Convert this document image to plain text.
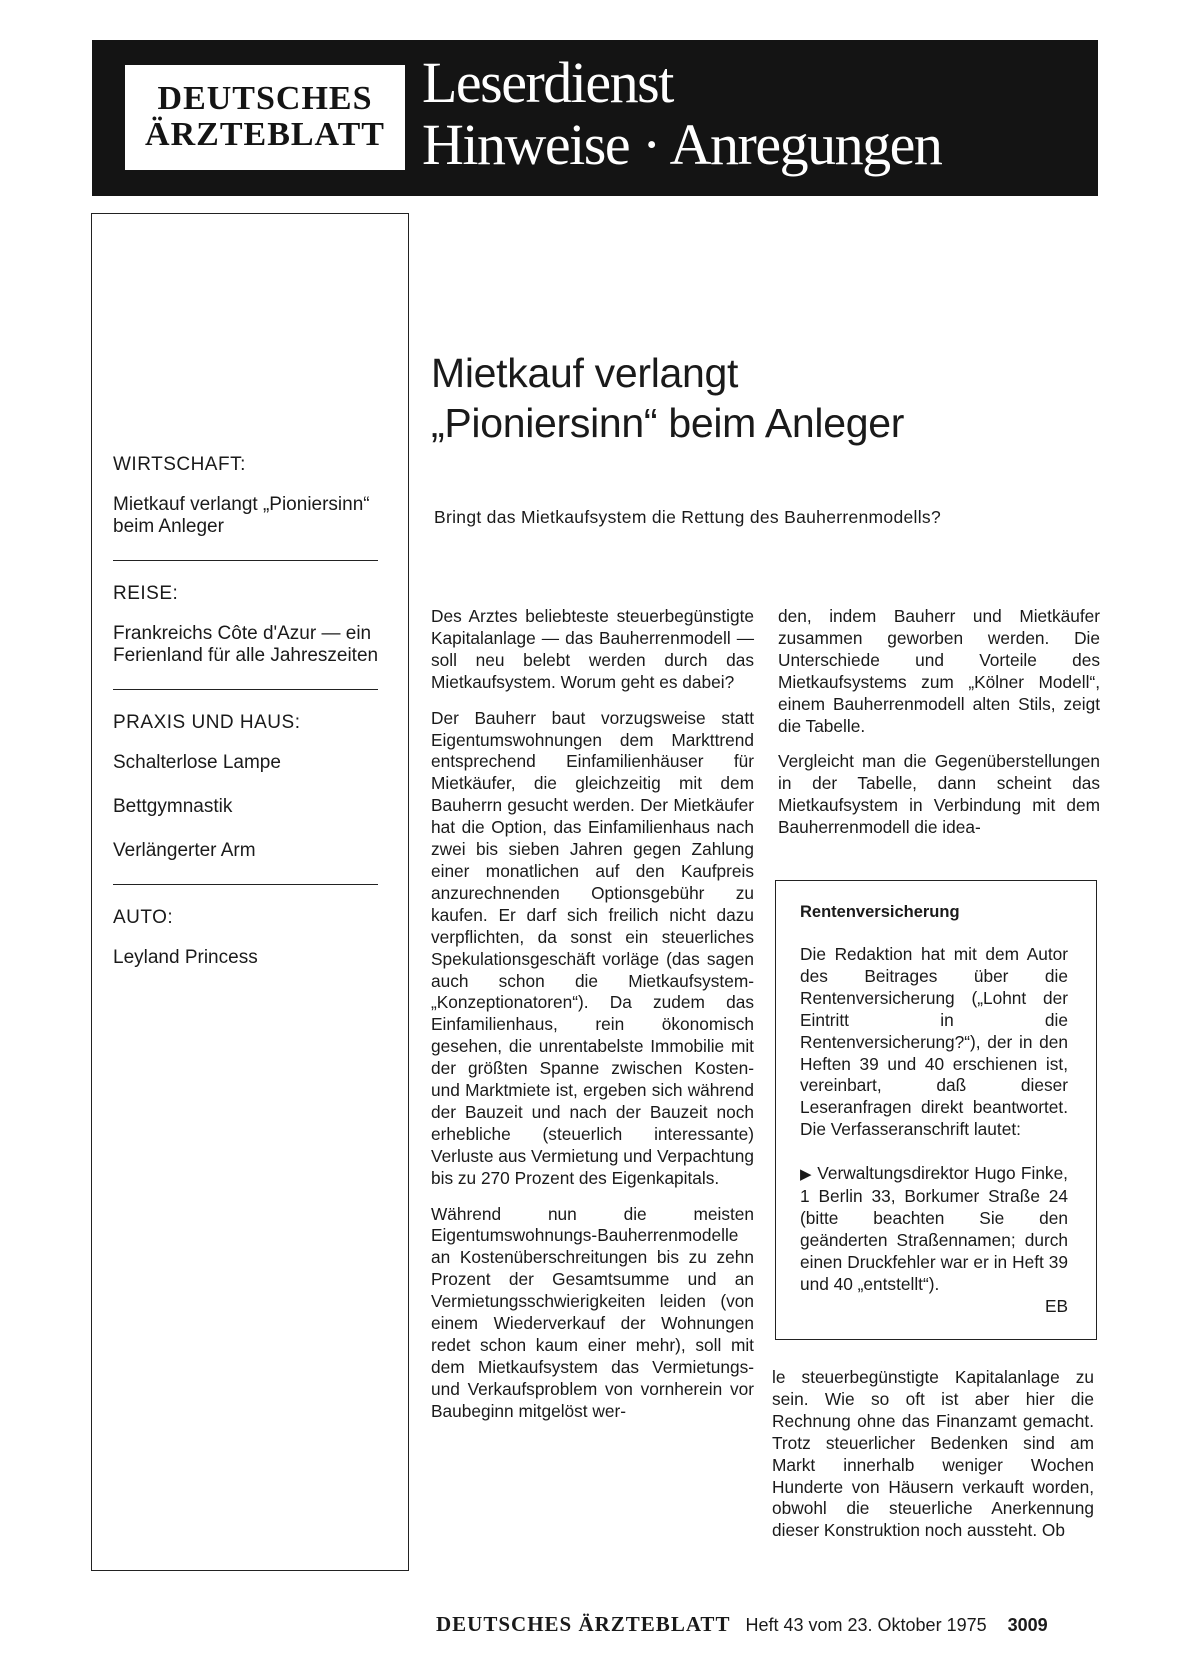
DEUTSCHES
ÄRZTEBLATT
Leserdienst
Hinweise · Anregungen

WIRTSCHAFT:

Mietkauf verlangt „Pioniersinn“ beim Anleger

REISE:

Frankreichs Côte d'Azur — ein Ferienland für alle Jahreszeiten

PRAXIS UND HAUS:

Schalterlose Lampe

Bettgymnastik

Verlängerter Arm

AUTO:

Leyland Princess

Mietkauf verlangt
„Pioniersinn“ beim Anleger

Bringt das Mietkaufsystem die Rettung des Bauherrenmodells?

Des Arztes beliebteste steuerbegünstigte Kapitalanlage — das Bauherrenmodell — soll neu belebt werden durch das Mietkaufsystem. Worum geht es dabei?

Der Bauherr baut vorzugsweise statt Eigentumswohnungen dem Markttrend entsprechend Einfamilienhäuser für Mietkäufer, die gleichzeitig mit dem Bauherrn gesucht werden. Der Mietkäufer hat die Option, das Einfamilienhaus nach zwei bis sieben Jahren gegen Zahlung einer monatlichen auf den Kaufpreis anzurechnenden Optionsgebühr zu kaufen. Er darf sich freilich nicht dazu verpflichten, da sonst ein steuerliches Spekulationsgeschäft vorläge (das sagen auch schon die Mietkaufsystem-„Konzeptionatoren“). Da zudem das Einfamilienhaus, rein ökonomisch gesehen, die unrentabelste Immobilie mit der größten Spanne zwischen Kosten- und Marktmiete ist, ergeben sich während der Bauzeit und nach der Bauzeit noch erhebliche (steuerlich interessante) Verluste aus Vermietung und Verpachtung bis zu 270 Prozent des Eigenkapitals.

Während nun die meisten Eigentumswohnungs-Bauherrenmodelle an Kostenüberschreitungen bis zu zehn Prozent der Gesamtsumme und an Vermietungsschwierigkeiten leiden (von einem Wiederverkauf der Wohnungen redet schon kaum einer mehr), soll mit dem Mietkaufsystem das Vermietungs- und Verkaufsproblem von vornherein vor Baubeginn mitgelöst wer-

den, indem Bauherr und Mietkäufer zusammen geworben werden. Die Unterschiede und Vorteile des Mietkaufsystems zum „Kölner Modell“, einem Bauherrenmodell alten Stils, zeigt die Tabelle.

Vergleicht man die Gegenüberstellungen in der Tabelle, dann scheint das Mietkaufsystem in Verbindung mit dem Bauherrenmodell die idea-

Rentenversicherung

Die Redaktion hat mit dem Autor des Beitrages über die Rentenversicherung („Lohnt der Eintritt in die Rentenversicherung?“), der in den Heften 39 und 40 erschienen ist, vereinbart, daß dieser Leseranfragen direkt beantwortet. Die Verfasseranschrift lautet:

▶ Verwaltungsdirektor Hugo Finke, 1 Berlin 33, Borkumer Straße 24 (bitte beachten Sie den geänderten Straßennamen; durch einen Druckfehler war er in Heft 39 und 40 „entstellt“).

EB

le steuerbegünstigte Kapitalanlage zu sein. Wie so oft ist aber hier die Rechnung ohne das Finanzamt gemacht. Trotz steuerlicher Bedenken sind am Markt innerhalb weniger Wochen Hunderte von Häusern verkauft worden, obwohl die steuerliche Anerkennung dieser Konstruktion noch aussteht. Ob

DEUTSCHES ÄRZTEBLATT Heft 43 vom 23. Oktober 1975 3009
